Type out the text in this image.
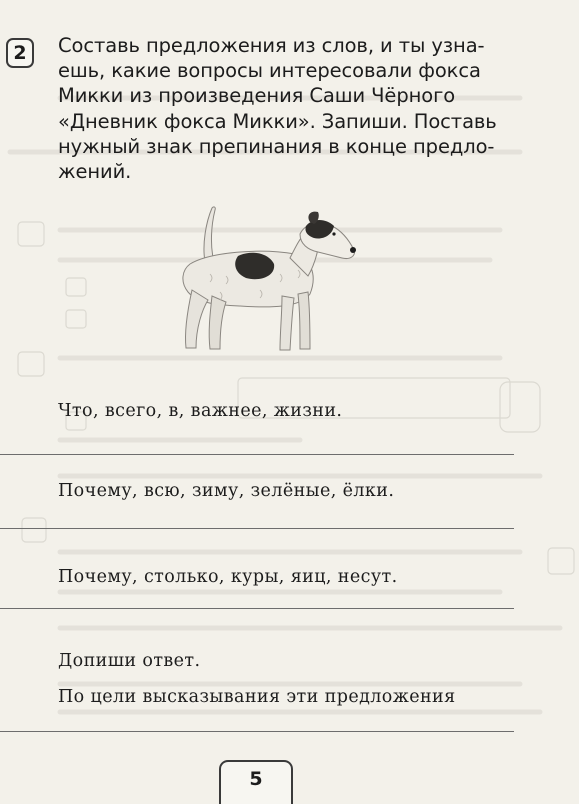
2	Составь предложения из слов, и ты узна-
ешь, какие вопросы интересовали фокса
Микки из произведения Саши Чёрного
«Дневник фокса Микки». Запиши. Поставь
нужный знак препинания в конце предло-
жений.
Что, всего, в, важнее, жизни.
Почему, всю, зиму, зелёные, ёлки.
Почему, столько, куры, яиц, несут.
Допиши ответ.
По цели высказывания эти предложения
5
